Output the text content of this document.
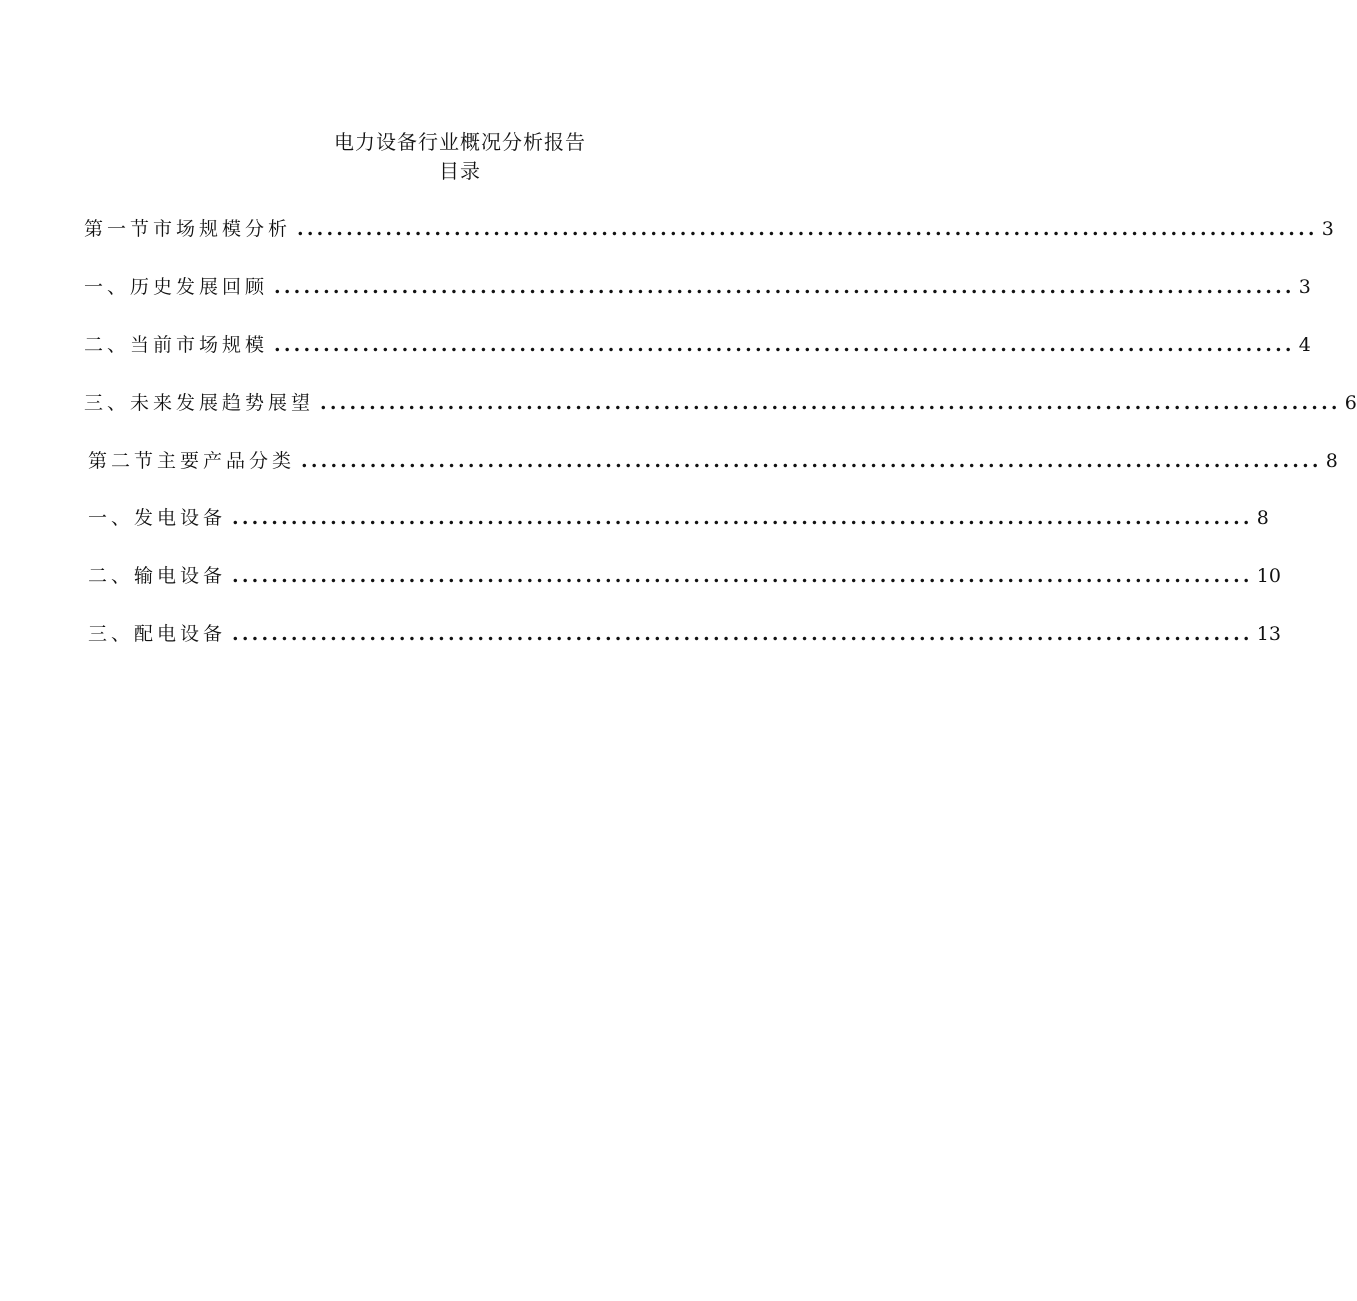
电力设备行业概况分析报告
目录
第一节市场规模分析 ........................................................................................................ 3
一、历史发展回顾 ........................................................................................................ 3
二、当前市场规模 ........................................................................................................ 4
三、未来发展趋势展望 ........................................................................................................ 6
第二节主要产品分类 ........................................................................................................ 8
一、发电设备 ........................................................................................................ 8
二、输电设备 ........................................................................................................ 10
三、配电设备 ........................................................................................................ 13
